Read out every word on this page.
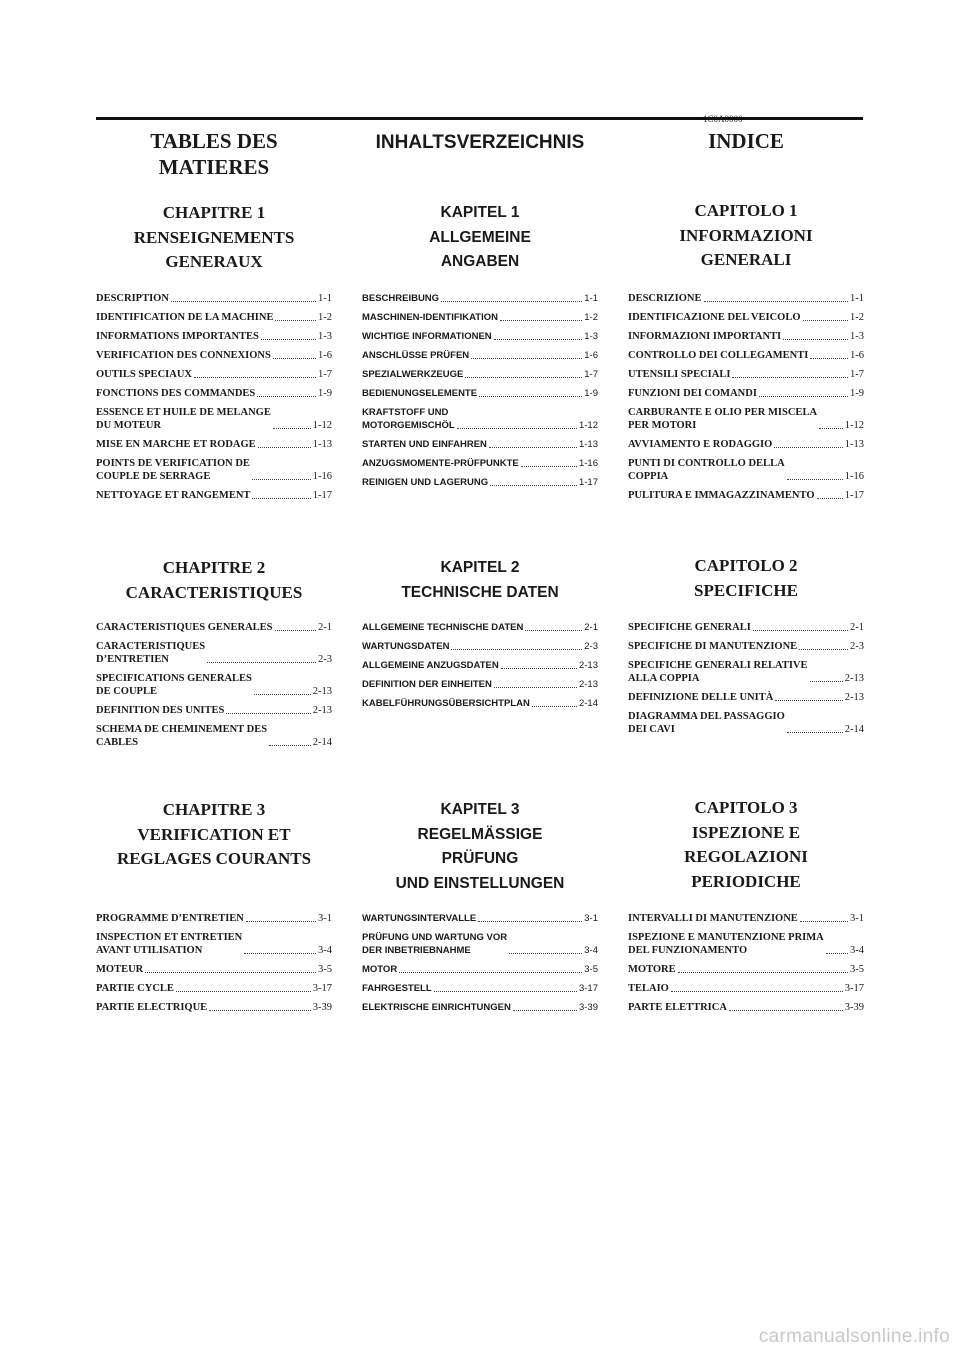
TABLES DES
MATIERES
INHALTSVERZEICHNIS	INDICE
CHAPITRE 1
RENSEIGNEMENTS
GENERAUX
KAPITEL 1
ALLGEMEINE
ANGABEN
CAPITOLO 1
INFORMAZIONI
GENERALI
CHAPITRE 2
CARACTERISTIQUES
KAPITEL 2
TECHNISCHE DATEN
CAPITOLO 2
SPECIFICHE
CHAPITRE 3
VERIFICATION ET
REGLAGES COURANTS
KAPITEL 3
REGELMÄSSIGE
PRÜFUNG
UND EINSTELLUNGEN
CAPITOLO 3
ISPEZIONE E
REGOLAZIONI
PERIODICHE
DESCRIPTION	1-1
IDENTIFICATION DE LA MACHINE	1-2
INFORMATIONS IMPORTANTES	1-3
VERIFICATION DES CONNEXIONS	1-6
OUTILS SPECIAUX	1-7
FONCTIONS DES COMMANDES	1-9
ESSENCE ET HUILE DE MELANGE
DU MOTEUR	1-12
MISE EN MARCHE ET RODAGE	1-13
POINTS DE VERIFICATION DE
COUPLE DE SERRAGE	1-16
NETTOYAGE ET RANGEMENT	1-17
BESCHREIBUNG	1-1
MASCHINEN-IDENTIFIKATION	1-2
WICHTIGE INFORMATIONEN	1-3
ANSCHLÜSSE PRÜFEN	1-6
SPEZIALWERKZEUGE	1-7
BEDIENUNGSELEMENTE	1-9
KRAFTSTOFF UND
MOTORGEMISCHÖL	1-12
STARTEN UND EINFAHREN	1-13
ANZUGSMOMENTE-PRÜFPUNKTE	1-16
REINIGEN UND LAGERUNG	1-17
DESCRIZIONE	1-1
IDENTIFICAZIONE DEL VEICOLO	1-2
INFORMAZIONI IMPORTANTI	1-3
CONTROLLO DEI COLLEGAMENTI	1-6
UTENSILI SPECIALI	1-7
FUNZIONI DEI COMANDI	1-9
CARBURANTE E OLIO PER MISCELA
PER MOTORI	1-12
AVVIAMENTO E RODAGGIO	1-13
PUNTI DI CONTROLLO DELLA
COPPIA	1-16
PULITURA E IMMAGAZZINAMENTO	1-17
CARACTERISTIQUES GENERALES	2-1
CARACTERISTIQUES
D’ENTRETIEN	2-3
SPECIFICATIONS GENERALES
DE COUPLE	2-13
DEFINITION DES UNITES	2-13
SCHEMA DE CHEMINEMENT DES
CABLES	2-14
ALLGEMEINE TECHNISCHE DATEN	2-1
WARTUNGSDATEN	2-3
ALLGEMEINE ANZUGSDATEN	2-13
DEFINITION DER EINHEITEN	2-13
KABELFÜHRUNGSÜBERSICHTPLAN	2-14
SPECIFICHE GENERALI	2-1
SPECIFICHE DI MANUTENZIONE	2-3
SPECIFICHE GENERALI RELATIVE
ALLA COPPIA	2-13
DEFINIZIONE DELLE UNITÀ	2-13
DIAGRAMMA DEL PASSAGGIO
DEI CAVI	2-14
PROGRAMME D’ENTRETIEN	3-1
INSPECTION ET ENTRETIEN
AVANT UTILISATION	3-4
MOTEUR	3-5
PARTIE CYCLE	3-17
PARTIE ELECTRIQUE	3-39
WARTUNGSINTERVALLE	3-1
PRÜFUNG UND WARTUNG VOR
DER INBETRIEBNAHME	3-4
MOTOR	3-5
FAHRGESTELL	3-17
ELEKTRISCHE EINRICHTUNGEN	3-39
INTERVALLI DI MANUTENZIONE	3-1
ISPEZIONE E MANUTENZIONE PRIMA
DEL FUNZIONAMENTO	3-4
MOTORE	3-5
TELAIO	3-17
PARTE ELETTRICA	3-39
carmanualsonline.info
